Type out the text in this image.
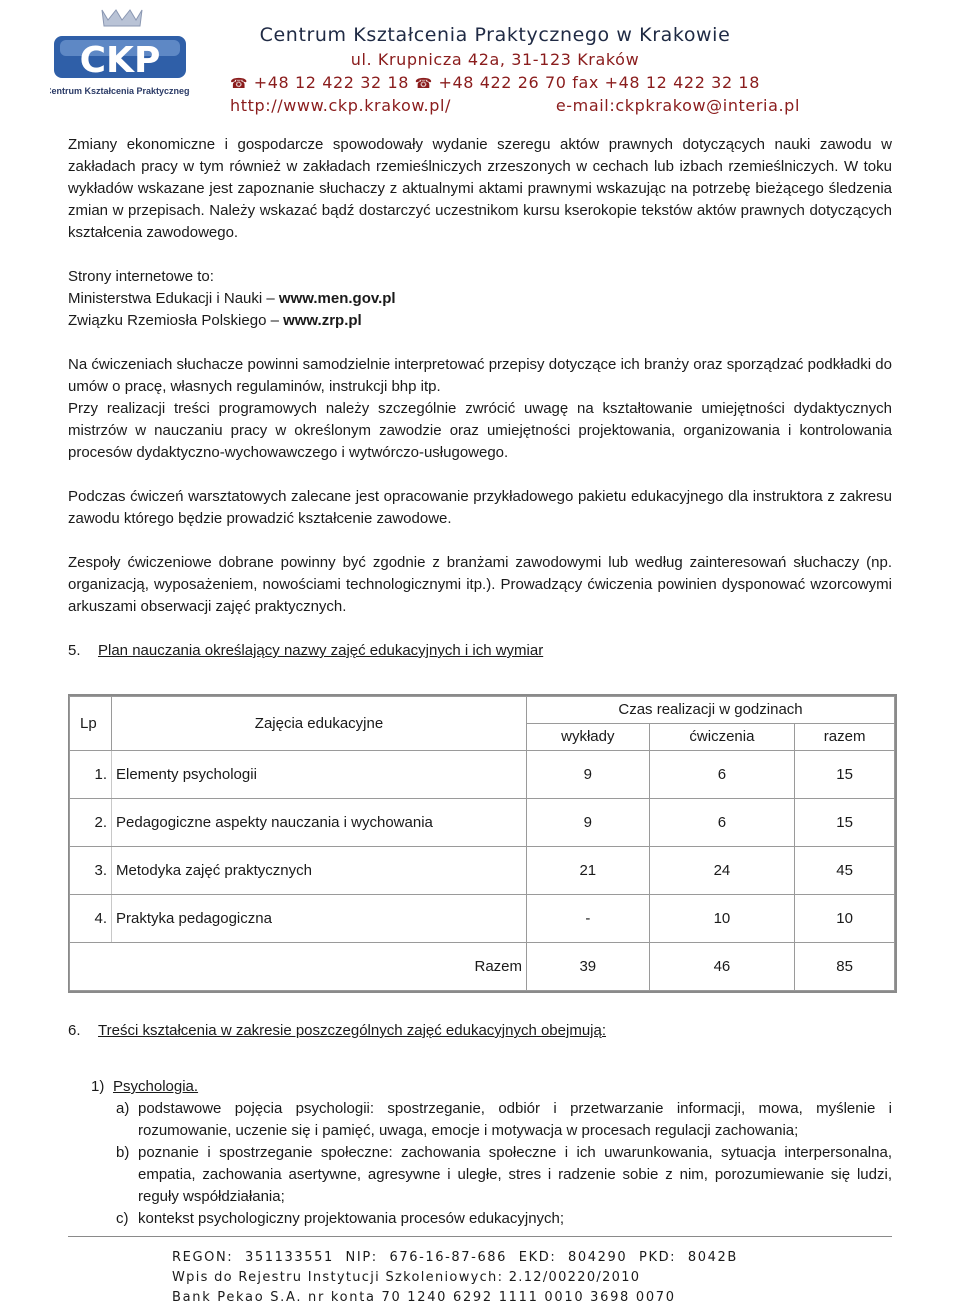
CKP
Centrum Kształcenia Praktycznego
Centrum Kształcenia Praktycznego w Krakowie
ul. Krupnicza 42a, 31-123 Kraków
☎ +48 12 422 32 18 ☎ +48 422 26 70 fax +48 12 422 32 18
http://www.ckp.krakow.pl/	e-mail:ckpkrakow@interia.pl

Zmiany ekonomiczne i gospodarcze spowodowały wydanie szeregu aktów prawnych dotyczących nauki zawodu w zakładach pracy w tym również w zakładach rzemieślniczych zrzeszonych w cechach lub izbach rzemieślniczych. W toku wykładów wskazane jest zapoznanie słuchaczy z aktualnymi aktami prawnymi wskazując na potrzebę bieżącego śledzenia zmian w przepisach. Należy wskazać bądź dostarczyć uczestnikom kursu kserokopie tekstów aktów prawnych dotyczących kształcenia zawodowego.

Strony internetowe to:

Ministerstwa Edukacji i Nauki – www.men.gov.pl

Związku Rzemiosła Polskiego – www.zrp.pl

Na ćwiczeniach słuchacze powinni samodzielnie interpretować przepisy dotyczące ich branży oraz sporządzać podkładki do umów o pracę, własnych regulaminów, instrukcji bhp itp.

Przy realizacji treści programowych należy szczególnie zwrócić uwagę na kształtowanie umiejętności dydaktycznych mistrzów w nauczaniu pracy w określonym zawodzie oraz umiejętności projektowania, organizowania i kontrolowania procesów dydaktyczno-wychowawczego i wytwórczo-usługowego.

Podczas ćwiczeń warsztatowych zalecane jest opracowanie przykładowego pakietu edukacyjnego dla instruktora z zakresu zawodu którego będzie prowadzić kształcenie zawodowe.

Zespoły ćwiczeniowe dobrane powinny być zgodnie z branżami zawodowymi lub według zainteresowań słuchaczy (np. organizacją, wyposażeniem, nowościami technologicznymi itp.). Prowadzący ćwiczenia powinien dysponować wzorcowymi arkuszami obserwacji zajęć praktycznych.

5.	Plan nauczania określający nazwy zajęć edukacyjnych i ich wymiar
Lp	Zajęcia edukacyjne	Czas realizacji w godzinach		
		wykłady	ćwiczenia	razem
1.	Elementy psychologii	9	6	15
2.	Pedagogiczne aspekty nauczania i wychowania	9	6	15
3.	Metodyka zajęć praktycznych	21	24	45
4.	Praktyka pedagogiczna	-	10	10
	Razem	39	46	85
6.	Treści kształcenia w zakresie poszczególnych zajęć edukacyjnych obejmują:
1) Psychologia.
a) podstawowe pojęcia psychologii: spostrzeganie, odbiór i przetwarzanie informacji, mowa, myślenie i rozumowanie, uczenie się i pamięć, uwaga, emocje i motywacja w procesach regulacji zachowania;
b) poznanie i spostrzeganie społeczne: zachowania społeczne i ich uwarunkowania, sytuacja interpersonalna, empatia, zachowania asertywne, agresywne i uległe, stres i radzenie sobie z nim, porozumiewanie się ludzi, reguły współdziałania;
c) kontekst psychologiczny projektowania procesów edukacyjnych;
REGON: 351133551 NIP: 676-16-87-686 EKD: 804290 PKD: 8042B
Wpis do Rejestru Instytucji Szkoleniowych: 2.12/00220/2010
Bank Pekao S.A. nr konta 70 1240 6292 1111 0010 3698 0070
